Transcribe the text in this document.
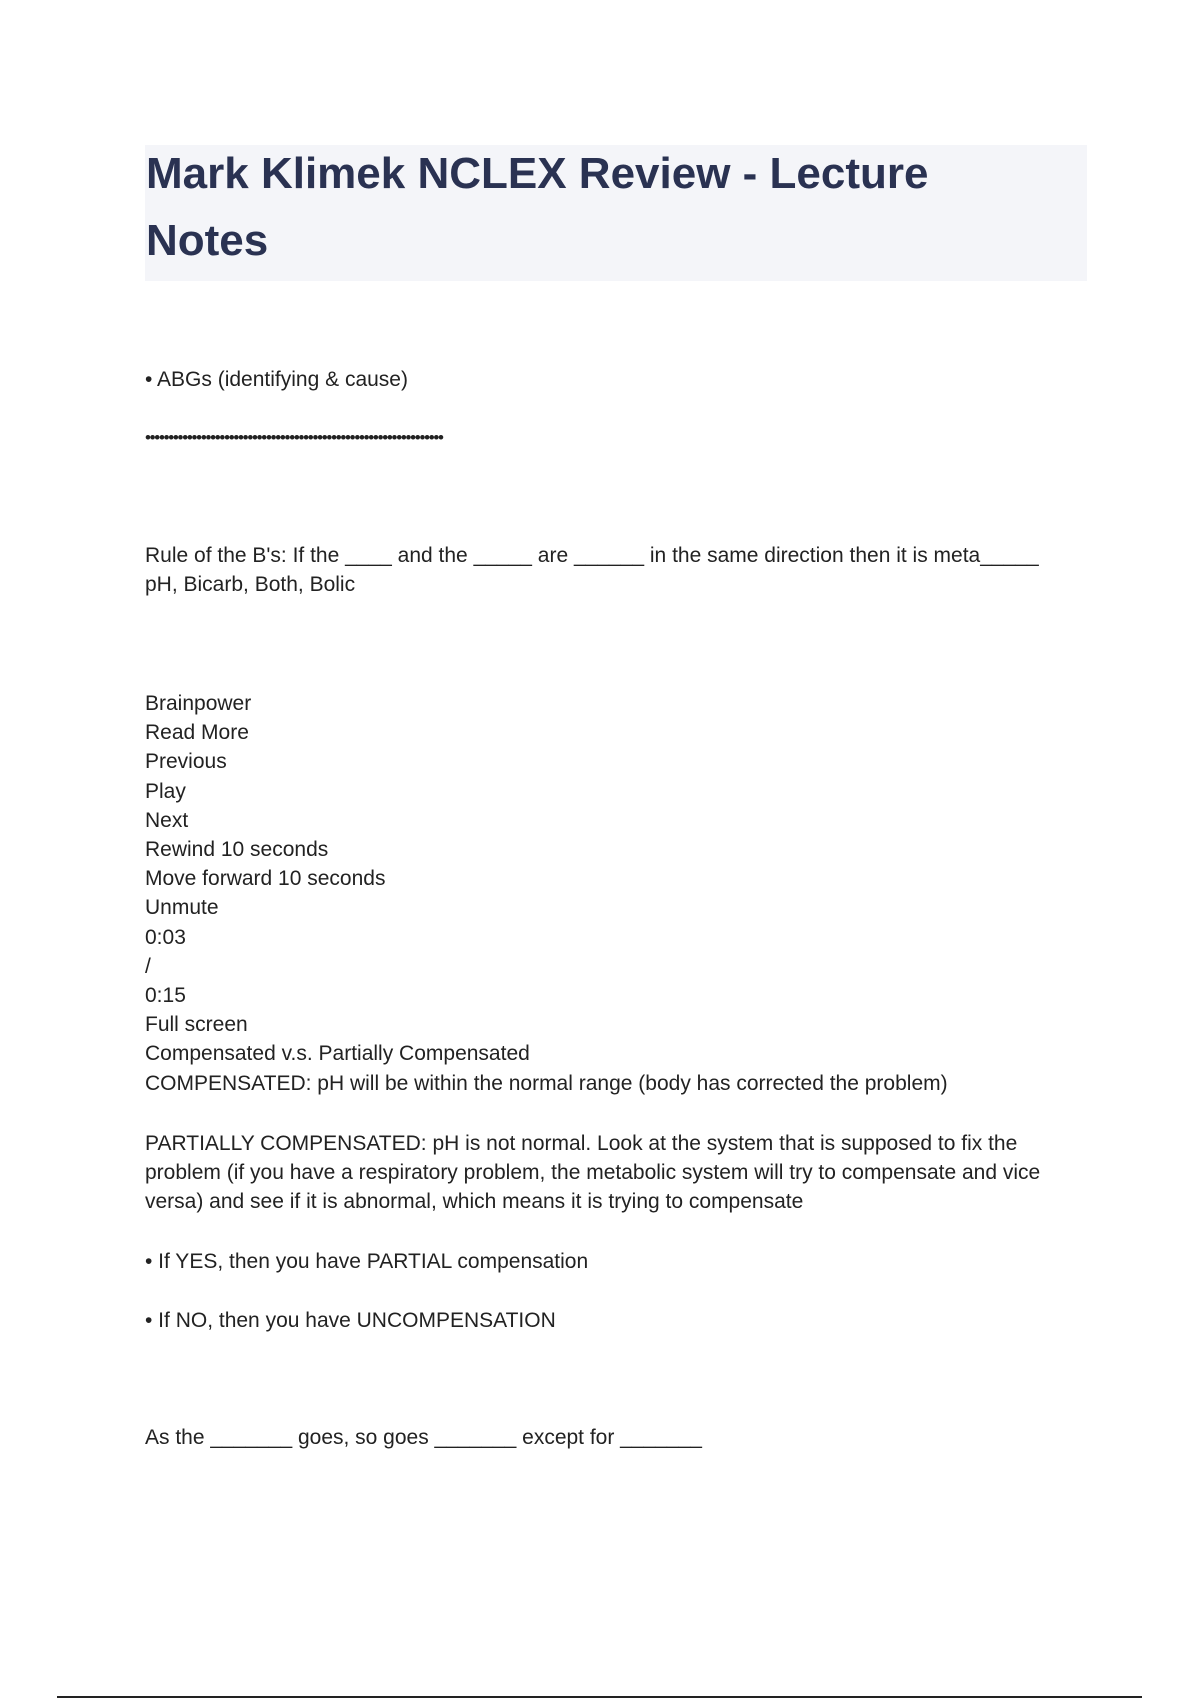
Mark Klimek NCLEX Review - Lecture Notes

• ABGs (identifying & cause)

••••••••••••••••••••••••••••••••••••••••••••••••••••••••••••••••

Rule of the B's: If the ____ and the _____ are ______ in the same direction then it is meta_____

pH, Bicarb, Both, Bolic

Brainpower
Read More
Previous
Play
Next
Rewind 10 seconds
Move forward 10 seconds
Unmute
0:03
/
0:15
Full screen
Compensated v.s. Partially Compensated
COMPENSATED: pH will be within the normal range (body has corrected the problem)

PARTIALLY COMPENSATED: pH is not normal. Look at the system that is supposed to fix the problem (if you have a respiratory problem, the metabolic system will try to compensate and vice versa) and see if it is abnormal, which means it is trying to compensate

• If YES, then you have PARTIAL compensation

• If NO, then you have UNCOMPENSATION

As the _______ goes, so goes _______ except for _______
